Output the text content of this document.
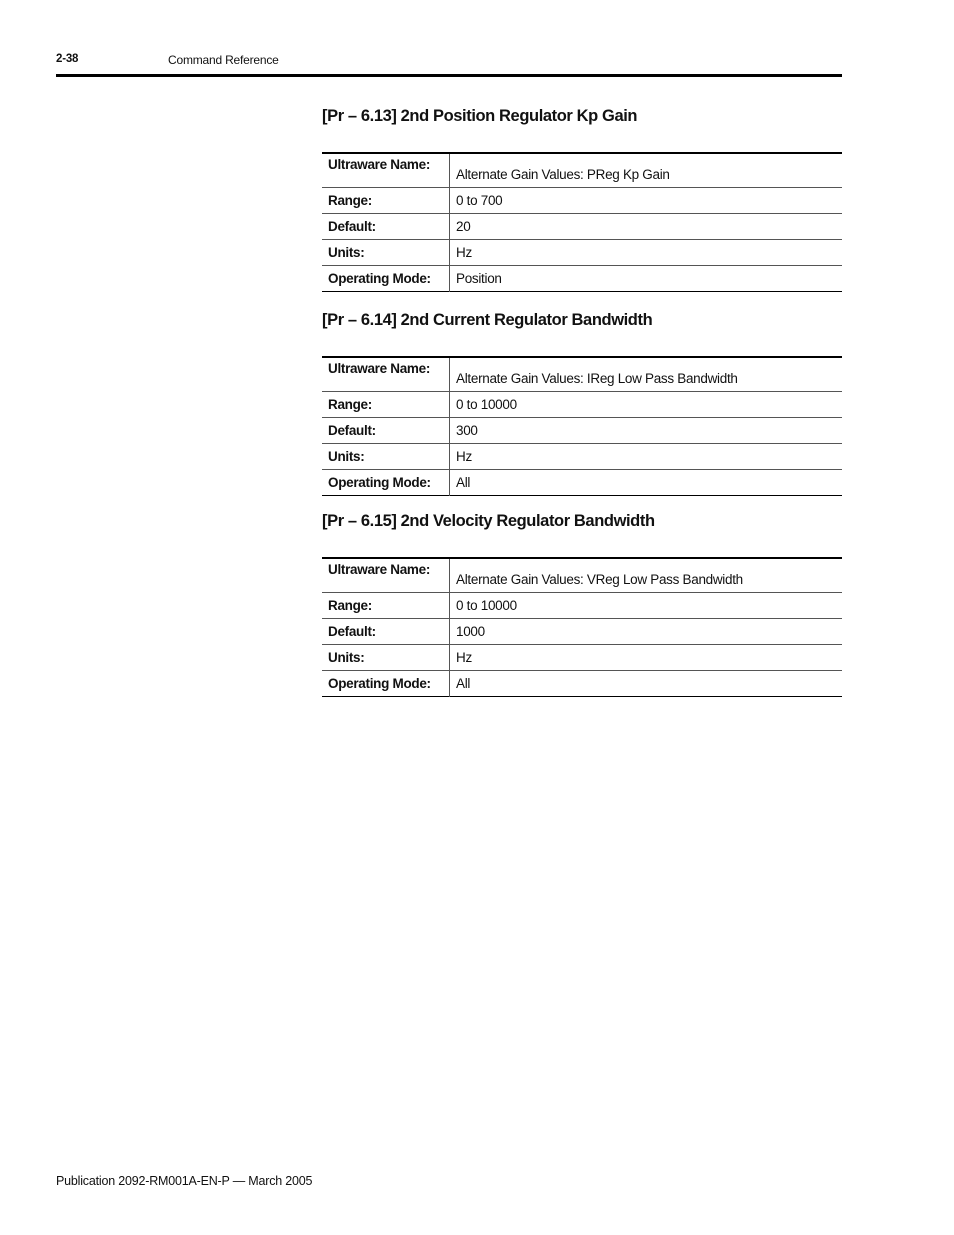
2-38	Command Reference
[Pr – 6.13] 2nd Position Regulator Kp Gain
Ultraware Name:	Alternate Gain Values: PReg Kp Gain
Range:	0 to 700
Default:	20
Units:	Hz
Operating Mode:	Position
[Pr – 6.14] 2nd Current Regulator Bandwidth
Ultraware Name:	Alternate Gain Values: IReg Low Pass Bandwidth
Range:	0 to 10000
Default:	300
Units:	Hz
Operating Mode:	All
[Pr – 6.15] 2nd Velocity Regulator Bandwidth
Ultraware Name:	Alternate Gain Values: VReg Low Pass Bandwidth
Range:	0 to 10000
Default:	1000
Units:	Hz
Operating Mode:	All
Publication 2092-RM001A-EN-P — March 2005
